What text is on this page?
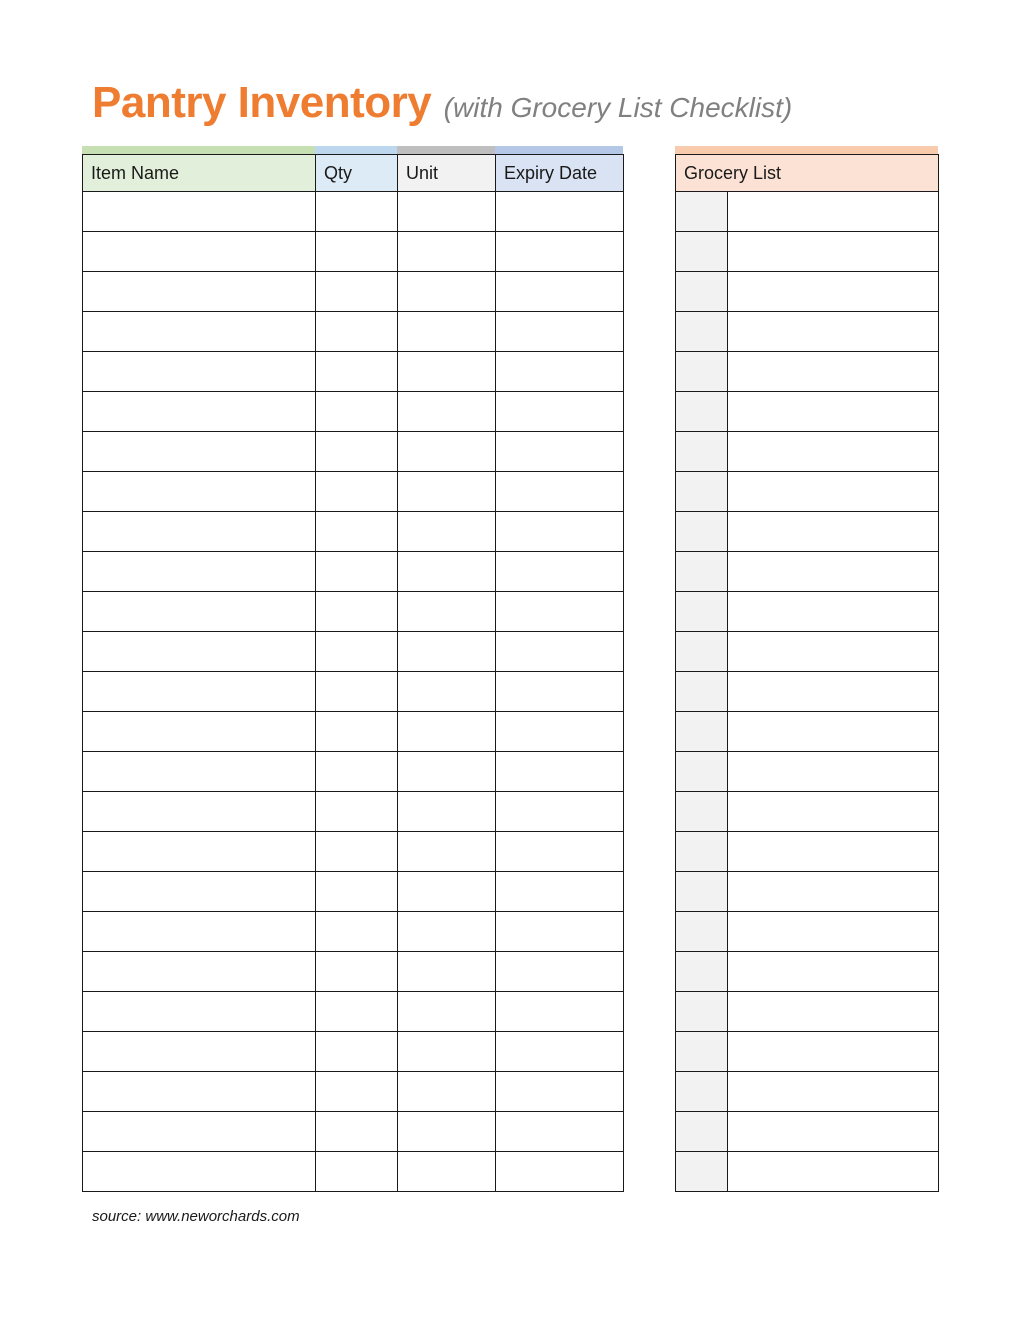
Pantry Inventory (with Grocery List Checklist)
Item Name	Qty	Unit	Expiry Date

				Grocery List	

source: www.neworchards.com
